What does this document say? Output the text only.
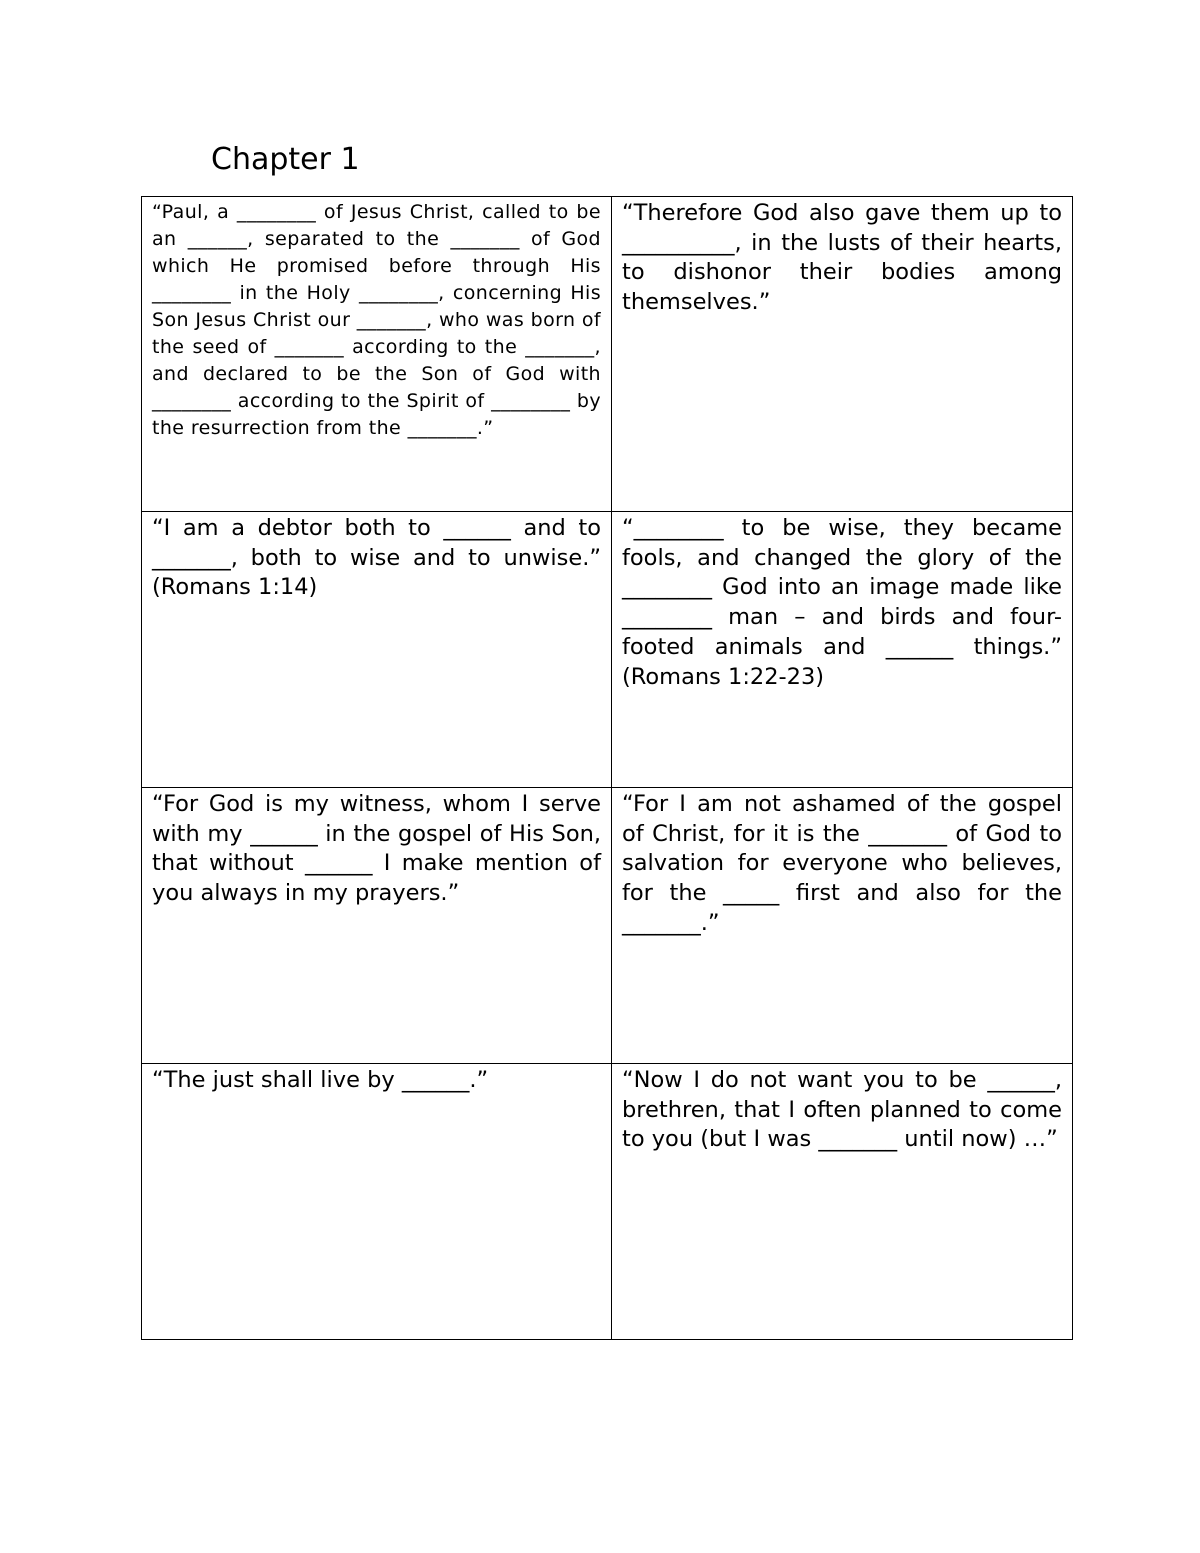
Chapter 1
“Paul, a ________ of Jesus Christ, called to be an ______, separated to the _______ of God which He promised before through His ________ in the Holy ________, concerning His Son Jesus Christ our _______, who was born of the seed of _______ according to the _______, and declared to be the Son of God with ________ according to the Spirit of ________ by the resurrection from the _______.”	“Therefore God also gave them up to __________, in the lusts of their hearts, to dishonor their bodies among themselves.”
“I am a debtor both to ______ and to _______, both to wise and to unwise.” (Romans 1:14)	“________ to be wise, they became fools, and changed the glory of the ________ God into an image made like ________ man – and birds and four-footed animals and ______ things.” (Romans 1:22-23)
“For God is my witness, whom I serve with my ______ in the gospel of His Son, that without ______ I make mention of you always in my prayers.”	“For I am not ashamed of the gospel of Christ, for it is the _______ of God to salvation for everyone who believes, for the _____ first and also for the _______.”
“The just shall live by ______.”	“Now I do not want you to be ______, brethren, that I often planned to come to you (but I was _______ until now) …”
